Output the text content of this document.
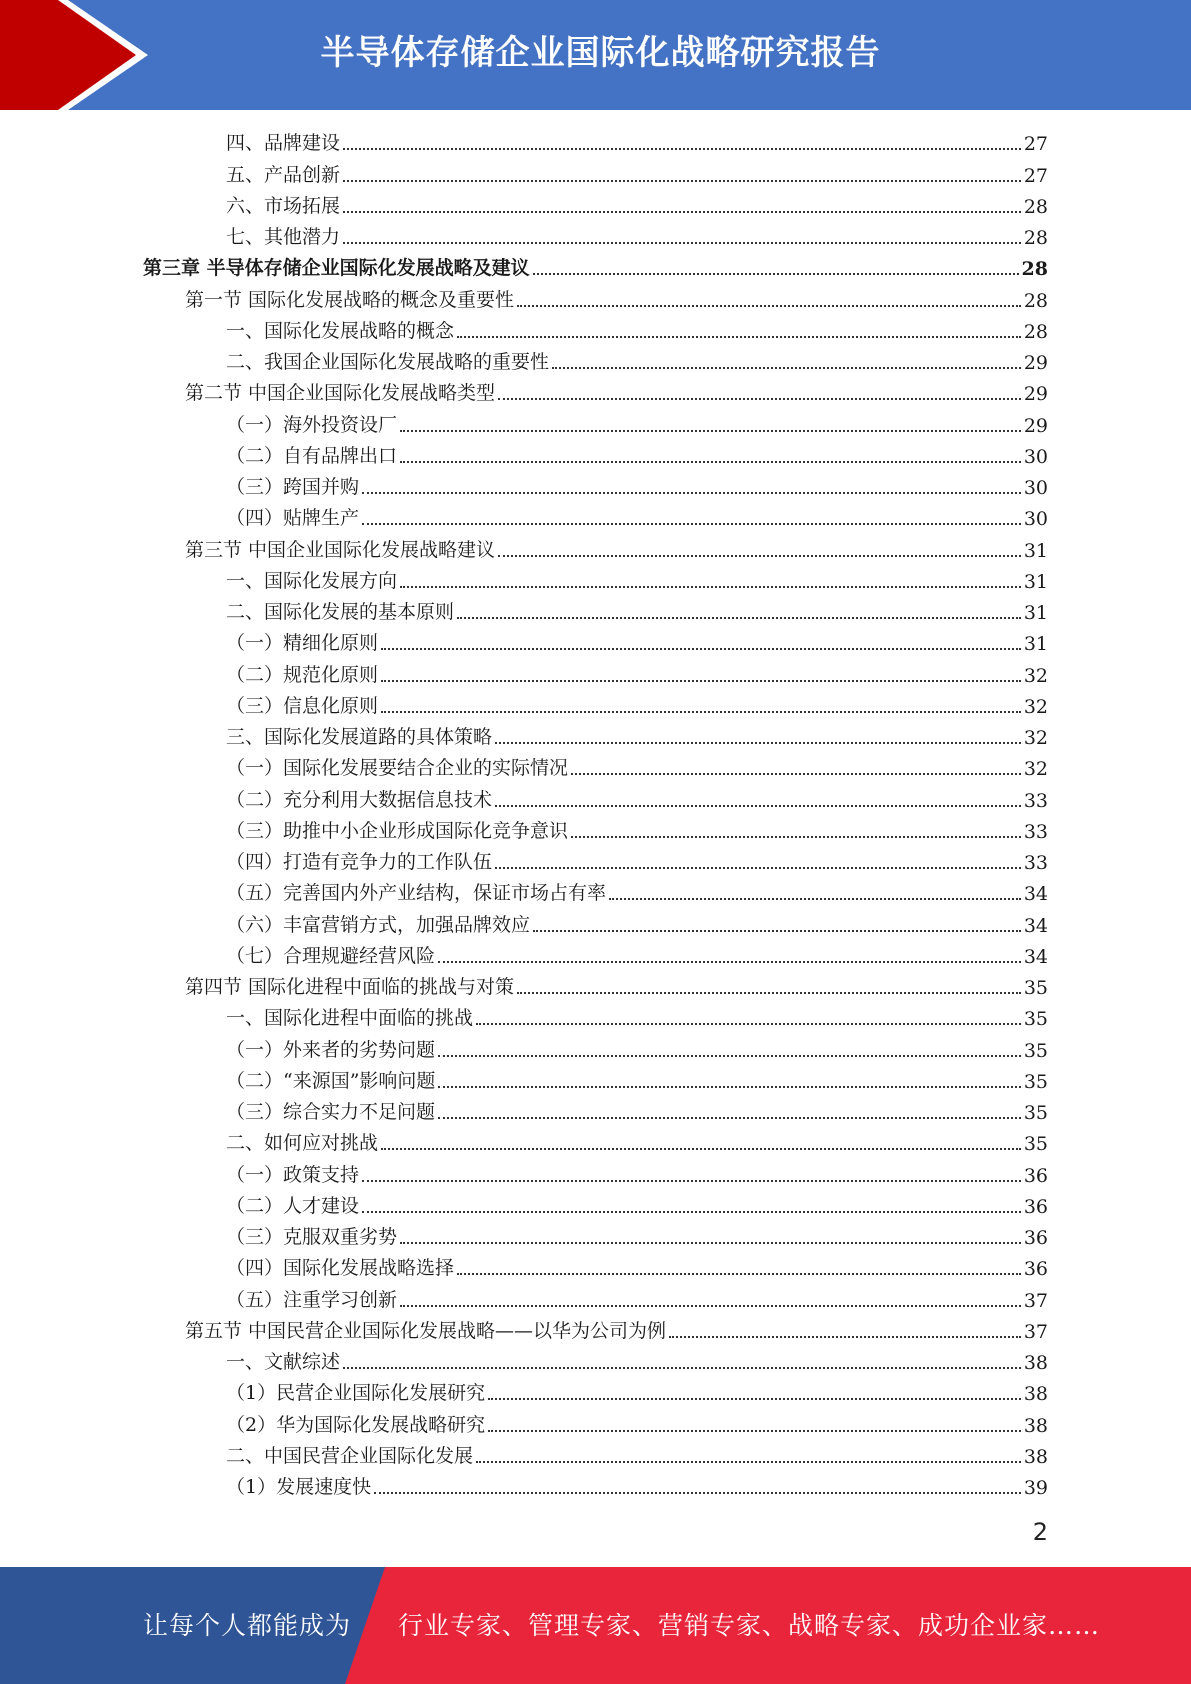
半导体存储企业国际化战略研究报告
四、品牌建设	27
五、产品创新	27
六、市场拓展	28
七、其他潜力	28
第三章 半导体存储企业国际化发展战略及建议	28
第一节 国际化发展战略的概念及重要性	28
一、国际化发展战略的概念	28
二、我国企业国际化发展战略的重要性	29
第二节 中国企业国际化发展战略类型	29
（一）海外投资设厂	29
（二）自有品牌出口	30
（三）跨国并购	30
（四）贴牌生产	30
第三节 中国企业国际化发展战略建议	31
一、国际化发展方向	31
二、国际化发展的基本原则	31
（一）精细化原则	31
（二）规范化原则	32
（三）信息化原则	32
三、国际化发展道路的具体策略	32
（一）国际化发展要结合企业的实际情况	32
（二）充分利用大数据信息技术	33
（三）助推中小企业形成国际化竞争意识	33
（四）打造有竞争力的工作队伍	33
（五）完善国内外产业结构，保证市场占有率	34
（六）丰富营销方式，加强品牌效应	34
（七）合理规避经营风险	34
第四节 国际化进程中面临的挑战与对策	35
一、国际化进程中面临的挑战	35
（一）外来者的劣势问题	35
（二）“来源国”影响问题	35
（三）综合实力不足问题	35
二、如何应对挑战	35
（一）政策支持	36
（二）人才建设	36
（三）克服双重劣势	36
（四）国际化发展战略选择	36
（五）注重学习创新	37
第五节 中国民营企业国际化发展战略——以华为公司为例	37
一、文献综述	38
（1）民营企业国际化发展研究	38
（2）华为国际化发展战略研究	38
二、中国民营企业国际化发展	38
（1）发展速度快	39
2
让每个人都能成为 行业专家、管理专家、营销专家、战略专家、成功企业家……
